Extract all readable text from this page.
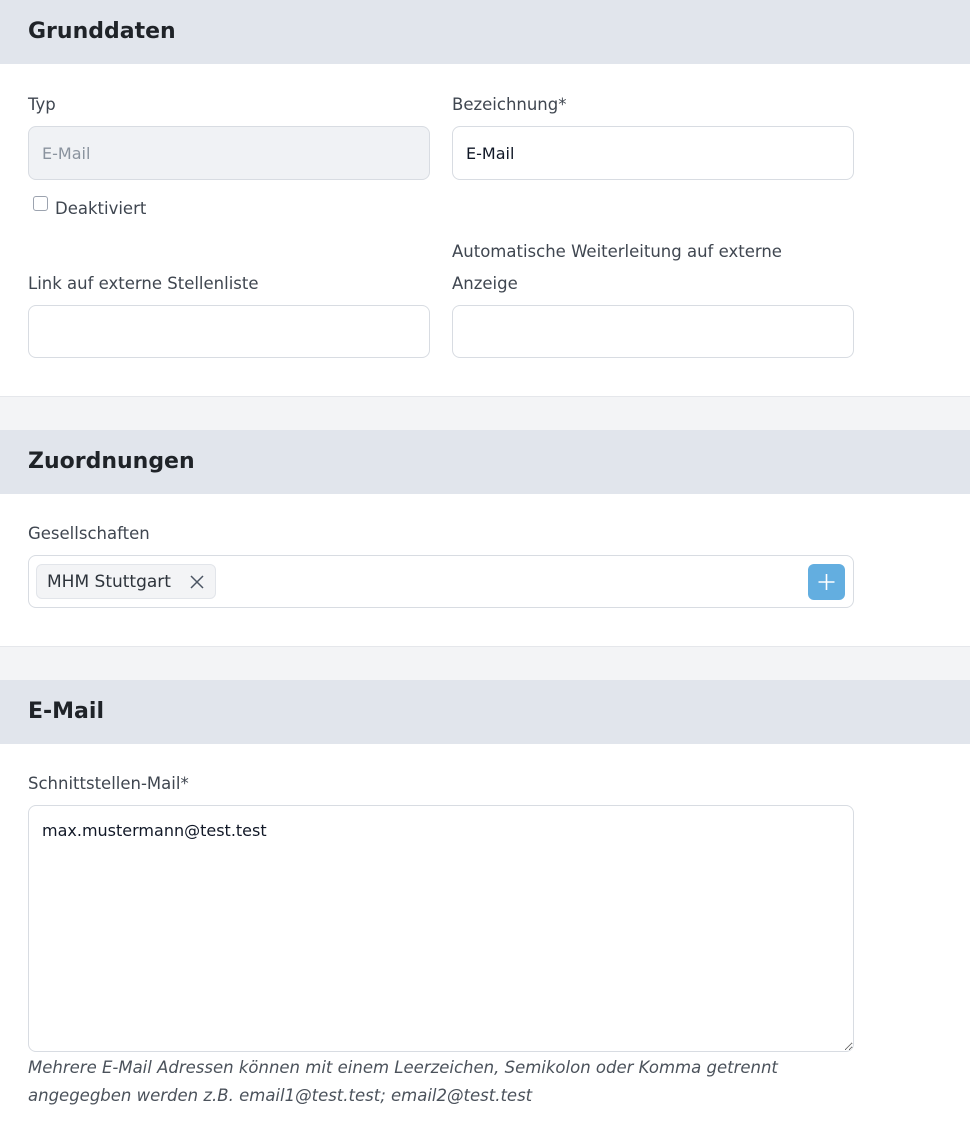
Grunddaten
Typ
E-Mail	Bezeichnung*
E-Mail
Deaktiviert
Link auf externe Stellenliste
Automatische Weiterleitung auf externe
Anzeige
Zuordnungen
Gesellschaften
MHM Stuttgart
E-Mail
Schnittstellen-Mail*
max.mustermann@test.test

Mehrere E-Mail Adressen können mit einem Leerzeichen, Semikolon oder Komma getrennt

angegegben werden z.B. email1@test.test; email2@test.test
